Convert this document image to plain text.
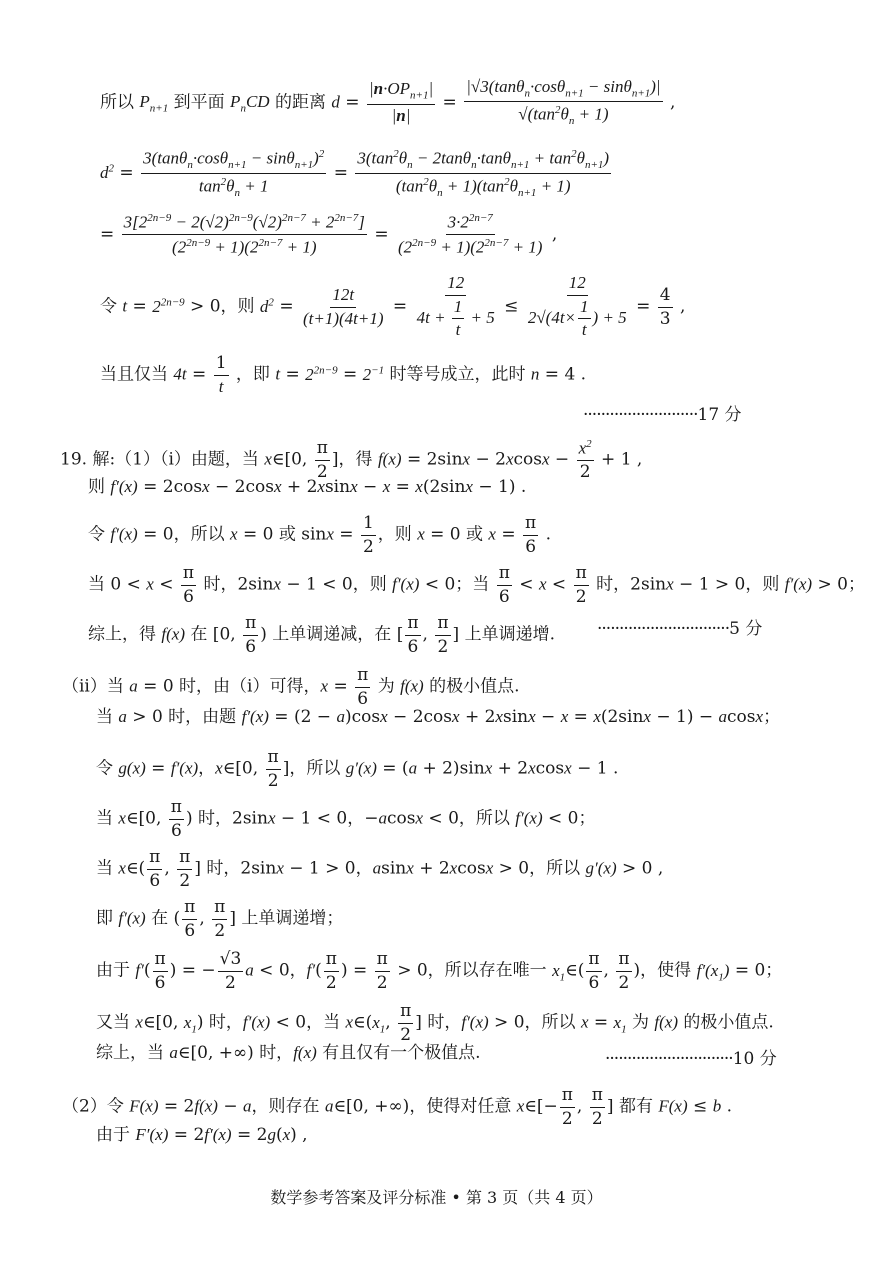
所以 $P_{n+1}$ 到平面 $P_nCD$ 的距离 $d = \frac{|n\cdot OP_{n+1}|}{|n|} = \frac{|√3(\tan\theta_n\cdot\cos\theta_{n+1} - \sin\theta_{n+1})|}{√(\tan^2\theta_n + 1)}$ ,
$d^2 = \frac{3(\tan\theta_n\cdot\cos\theta_{n+1} - \sin\theta_{n+1})^2}{\tan^2\theta_n + 1} = \frac{3(\tan^2\theta_n - 2\tan\theta_n\cdot\tan\theta_{n+1} + \tan^2\theta_{n+1})}{(\tan^2\theta_n + 1)(\tan^2\theta_{n+1} + 1)}$
= $\frac{3[2^{2n-9} - 2(√2)^{2n-9}(√2)^{2n-7} + 2^{2n-7}]}{(2^{2n-9} + 1)(2^{2n-7} + 1)} = \frac{3\cdot 2^{2n-7}}{(2^{2n-9} + 1)(2^{2n-7} + 1)}$ ,
令 $t = 2^{2n-9} > 0$，则 $d^2 = \frac{12t}{(t+1)(4t+1)} = \frac{12}{4t + \frac{1}{t} + 5} \le \frac{12}{2√(4t\times \frac{1}{t} ) + 5} = \frac{4}{3}$ ,
当且仅当 $4t = \frac{1}{t}$ ，即 $t = 2^{2n-9} = 2^{-1}$ 时等号成立，此时 n = 4 .
··························17 分
19. 解:（1）（i）由题，当 x∈[0, $\frac{\pi}{2}$ ]，得 $f(x) = 2\sin x - 2xcosx - \frac{x^2}{2} + 1$ ,
则 f′(x) = 2cosx − 2cosx + 2xsinx − x = x(2sinx − 1) .
令 f′(x) = 0，所以 x = 0 或 $\sin x = \frac{1}{2}$ ，则 x = 0 或 $x = \frac{\pi}{6}$ .
当 $0 < x < \frac{\pi}{6}$ 时，2sinx − 1 < 0，则 f′(x) < 0；当 $\frac{\pi}{6} < x < \frac{\pi}{2}$ 时，2sinx − 1 > 0，则 f′(x) > 0；
综上，得 f(x) 在 [0, $\frac{\pi}{6}$ ) 上单调递减，在 [ $\frac{\pi}{6}$ , $\frac{\pi}{2}$ ] 上单调递增. ······························5 分
（ii）当 a = 0 时，由（i）可得，$x = \frac{\pi}{6}$ 为 f(x) 的极小值点.
当 a > 0 时，由题 f′(x) = (2 − a)cosx − 2cosx + 2xsinx − x = x(2sinx − 1) − acosx；
令 g(x) = f′(x)，x∈[0, $\frac{\pi}{2}$ ]，所以 g′(x) = (a + 2)sinx + 2xcosx − 1 .
当 x∈[0, $\frac{\pi}{6}$ ) 时，2sinx − 1 < 0，−acosx < 0，所以 f′(x) < 0；
当 x∈( $\frac{\pi}{6}$ , $\frac{\pi}{2}$ ] 时，2sinx − 1 > 0，asinx + 2xcosx > 0，所以 g′(x) > 0 ,
即 f′(x) 在 ( $\frac{\pi}{6}$ , $\frac{\pi}{2}$ ] 上单调递增；
由于 $f'( \frac{\pi}{6}$ ) = − $\frac{√3}{2}$ a < 0，$f'( \frac{\pi}{2}$ ) = $\frac{\pi}{2} > 0$，所以存在唯一 $x_1\in( \frac{\pi}{6}$ , $\frac{\pi}{2}$ )，使得 $f'(x_1) = 0$；
又当 x∈[0, $x_1$) 时，f′(x) < 0，当 $x\in(x_1$, $\frac{\pi}{2}$ ] 时，f′(x) > 0，所以 $x = x_1$ 为 f(x) 的极小值点.
综上，当 a∈[0, +∞) 时，f(x) 有且仅有一个极值点.	·····························10 分
（2）令 F(x) = 2f(x) − a，则存在 a∈[0, +∞)，使得对任意 x∈[− $\frac{\pi}{2}$ , $\frac{\pi}{2}$ ] 都有 F(x) ≤ b .
由于 F′(x) = 2f′(x) = 2g(x) ,
数学参考答案及评分标准 • 第 3 页（共 4 页）
